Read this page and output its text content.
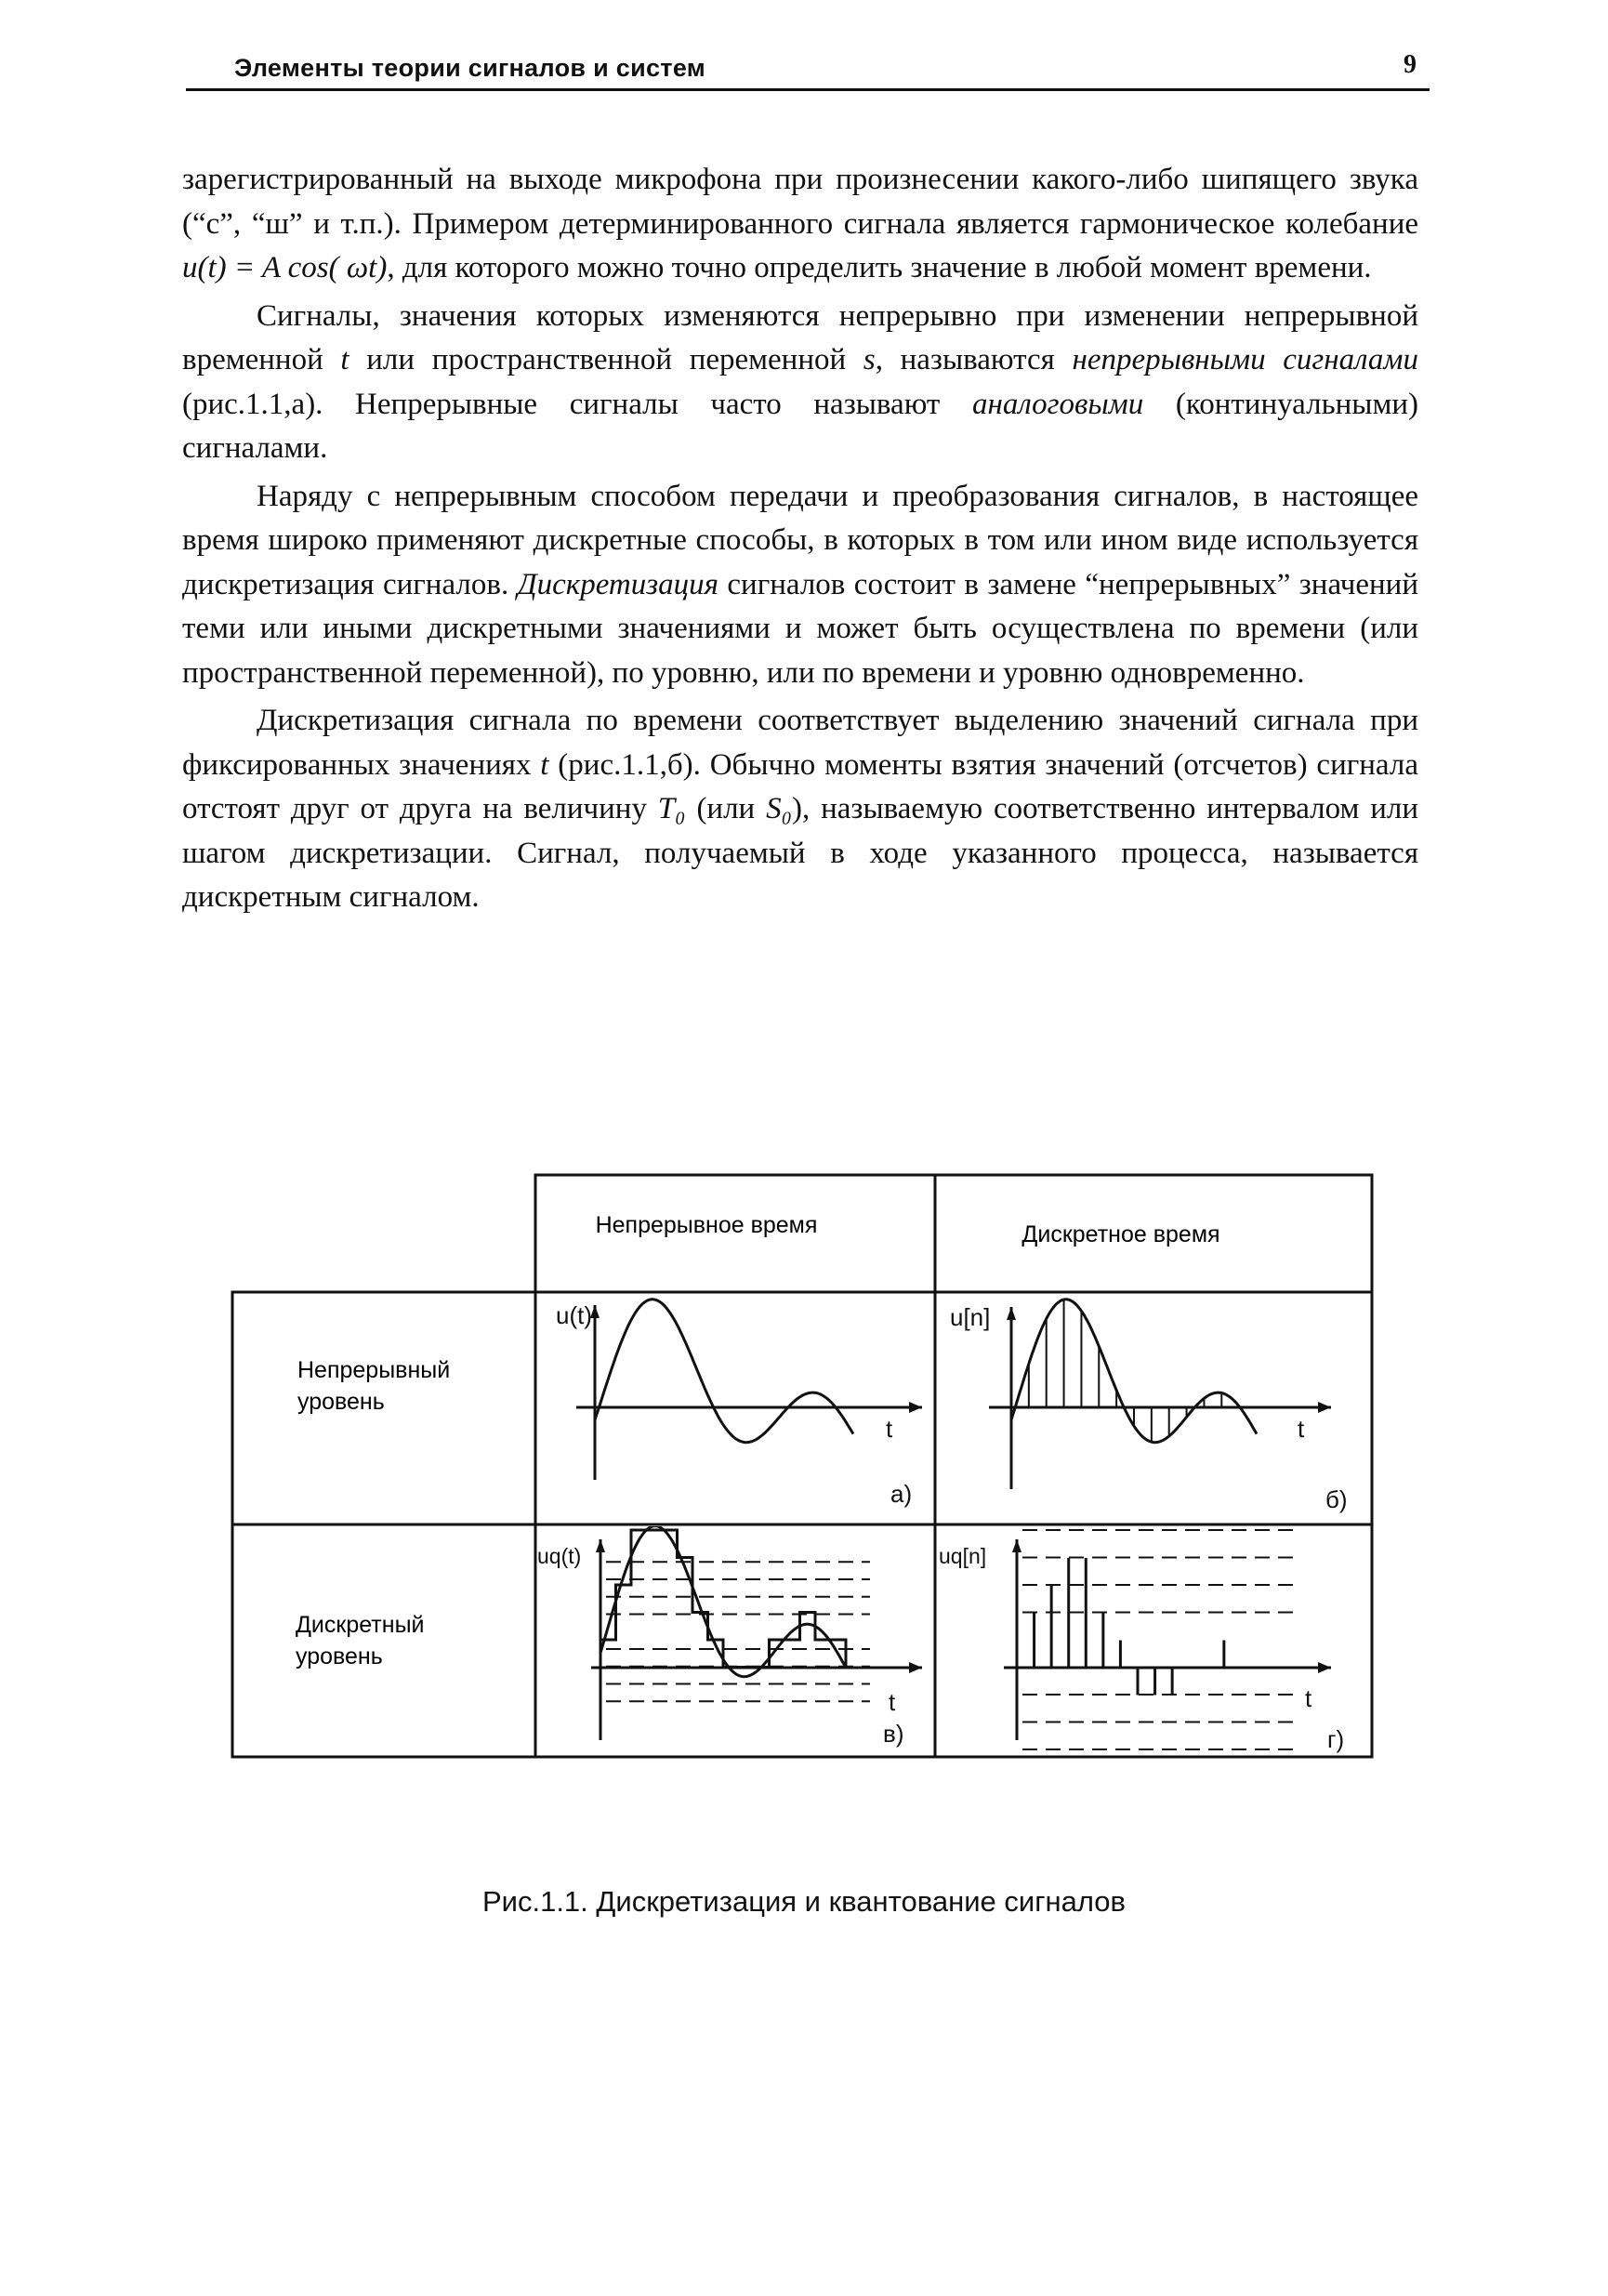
Элементы теории сигналов и систем	9

зарегистрированный на выходе микрофона при произнесении какого-либо шипящего звука (“с”, “ш” и т.п.). Примером детерминированного сигнала является гармоническое колебание u(t) = A cos( ωt), для которого можно точно определить значение в любой момент времени.

Сигналы, значения которых изменяются непрерывно при изменении непрерывной временной t или пространственной переменной s, называются непрерывными сигналами (рис.1.1,а). Непрерывные сигналы часто называют аналоговыми (континуальными) сигналами.

Наряду с непрерывным способом передачи и преобразования сигналов, в настоящее время широко применяют дискретные способы, в которых в том или ином виде используется дискретизация сигналов. Дискретизация сигналов состоит в замене “непрерывных” значений теми или иными дискретными значениями и может быть осуществлена по времени (или пространственной переменной), по уровню, или по времени и уровню одновременно.

Дискретизация сигнала по времени соответствует выделению значений сигнала при фиксированных значениях t (рис.1.1,б). Обычно моменты взятия значений (отсчетов) сигнала отстоят друг от друга на величину T₀ (или S₀), называемую соответственно интервалом или шагом дискретизации. Сигнал, получаемый в ходе указанного процесса, называется дискретным сигналом.

Непрерывное время	Дискретное время
Непрерывный уровень
Дискретный уровень
u(t)
t
а)
u[n]
t
б)
uq(t)
t
в)
uq[n]
t
г)
Рис.1.1. Дискретизация и квантование сигналов
